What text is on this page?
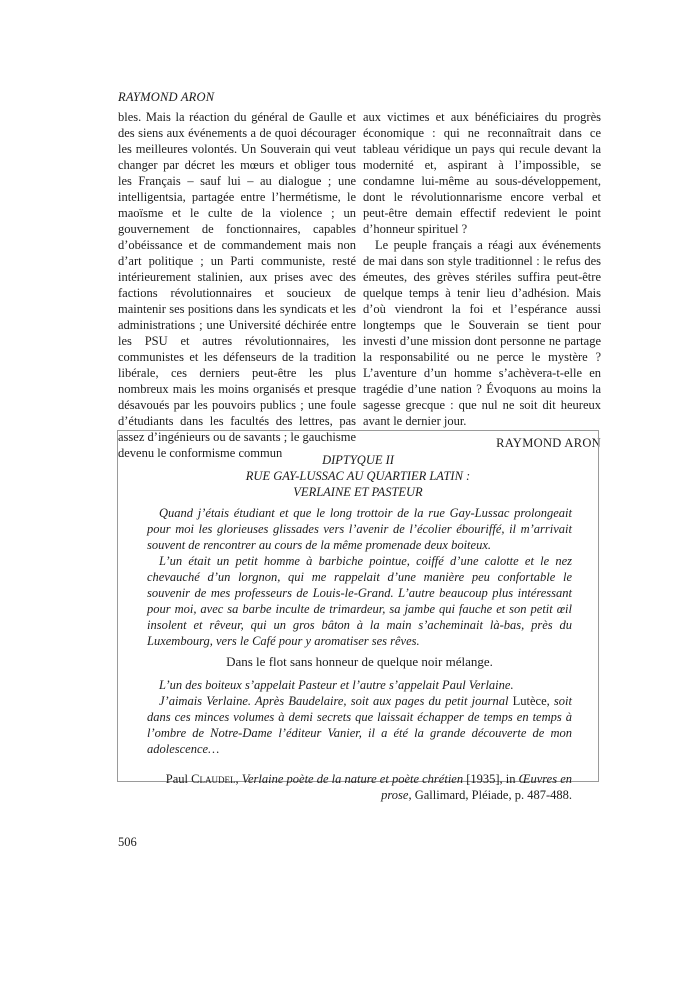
RAYMOND ARON

bles. Mais la réaction du général de Gaulle et des siens aux événements a de quoi décourager les meilleures volontés. Un Souverain qui veut changer par décret les mœurs et obliger tous les Français – sauf lui – au dialogue ; une intelligentsia, partagée entre l’hermétisme, le maoïsme et le culte de la violence ; un gouvernement de fonctionnaires, capables d’obéissance et de commandement mais non d’art politique ; un Parti communiste, resté intérieurement stalinien, aux prises avec des factions révolutionnaires et soucieux de maintenir ses positions dans les syndicats et les administrations ; une Université déchirée entre les PSU et autres révolutionnaires, les communistes et les défenseurs de la tradition libérale, ces derniers peut-être les plus nombreux mais les moins organisés et presque désavoués par les pouvoirs publics ; une foule d’étudiants dans les facultés des lettres, pas assez d’ingénieurs ou de savants ; le gauchisme devenu le conformisme commun

aux victimes et aux bénéficiaires du progrès économique : qui ne reconnaîtrait dans ce tableau véridique un pays qui recule devant la modernité et, aspirant à l’impossible, se condamne lui-même au sous-développement, dont le révolutionnarisme encore verbal et peut-être demain effectif redevient le point d’honneur spirituel ?

Le peuple français a réagi aux événements de mai dans son style traditionnel : le refus des émeutes, des grèves stériles suffira peut-être quelque temps à tenir lieu d’adhésion. Mais d’où viendront la foi et l’espérance aussi longtemps que le Souverain se tient pour investi d’une mission dont personne ne partage la responsabilité ou ne perce le mystère ? L’aventure d’un homme s’achèvera-t-elle en tragédie d’une nation ? Évoquons au moins la sagesse grecque : que nul ne soit dit heureux avant le dernier jour.

RAYMOND ARON

DIPTYQUE II
RUE GAY-LUSSAC AU QUARTIER LATIN :
VERLAINE ET PASTEUR

Quand j’étais étudiant et que le long trottoir de la rue Gay-Lussac prolongeait pour moi les glorieuses glissades vers l’avenir de l’écolier ébouriffé, il m’arrivait souvent de rencontrer au cours de la même promenade deux boiteux.

L’un était un petit homme à barbiche pointue, coiffé d’une calotte et le nez chevauché d’un lorgnon, qui me rappelait d’une manière peu confortable le souvenir de mes professeurs de Louis-le-Grand. L’autre beaucoup plus intéressant pour moi, avec sa barbe inculte de trimardeur, sa jambe qui fauche et son petit œil insolent et rêveur, qui un gros bâton à la main s’acheminait là-bas, près du Luxembourg, vers le Café pour y aromatiser ses rêves.

Dans le flot sans honneur de quelque noir mélange.

L’un des boiteux s’appelait Pasteur et l’autre s’appelait Paul Verlaine.

J’aimais Verlaine. Après Baudelaire, soit aux pages du petit journal Lutèce, soit dans ces minces volumes à demi secrets que laissait échapper de temps en temps à l’ombre de Notre-Dame l’éditeur Vanier, il a été la grande découverte de mon adolescence…

Paul Claudel, Verlaine poète de la nature et poète chrétien [1935], in Œuvres en prose, Gallimard, Pléiade, p. 487-488.

506
